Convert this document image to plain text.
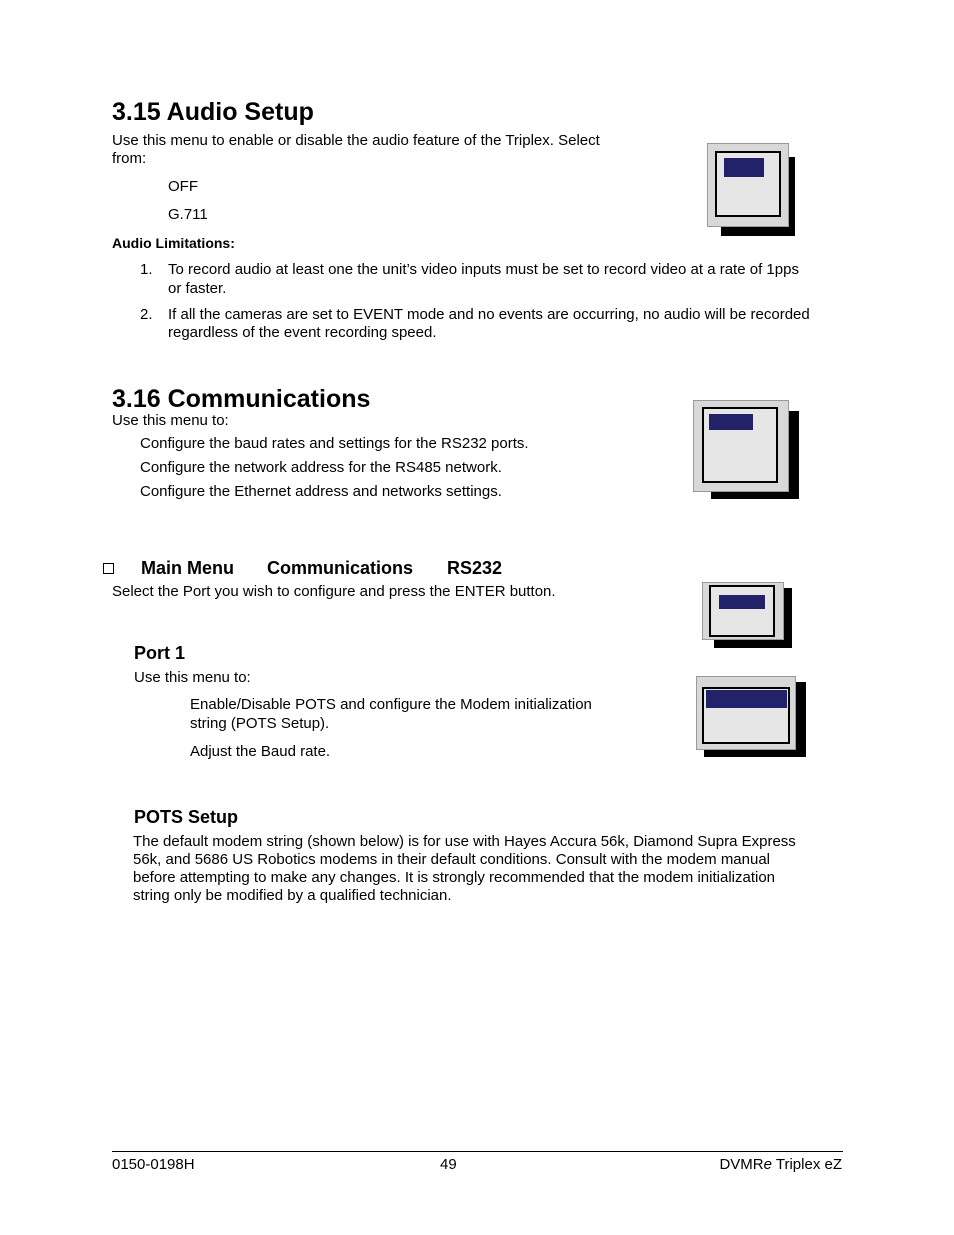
3.15 Audio Setup
Use this menu to enable or disable the audio feature of the Triplex. Select
from:
OFF
G.711
Audio Limitations:
1. To record audio at least one the unit’s video inputs must be set to record video at a rate of 1pps
or faster.
2. If all the cameras are set to EVENT mode and no events are occurring, no audio will be recorded
regardless of the event recording speed.
3.16 Communications
Use this menu to:
Configure the baud rates and settings for the RS232 ports.
Configure the network address for the RS485 network.
Configure the Ethernet address and networks settings.
Main Menu Communications RS232
Select the Port you wish to configure and press the ENTER button.
Port 1
Use this menu to:
Enable/Disable POTS and configure the Modem initialization
string (POTS Setup).
Adjust the Baud rate.
POTS Setup
The default modem string (shown below) is for use with Hayes Accura 56k, Diamond Supra Express
56k, and 5686 US Robotics modems in their default conditions. Consult with the modem manual
before attempting to make any changes. It is strongly recommended that the modem initialization
string only be modified by a qualified technician.
0150-0198H	49	DVMRe Triplex eZ
